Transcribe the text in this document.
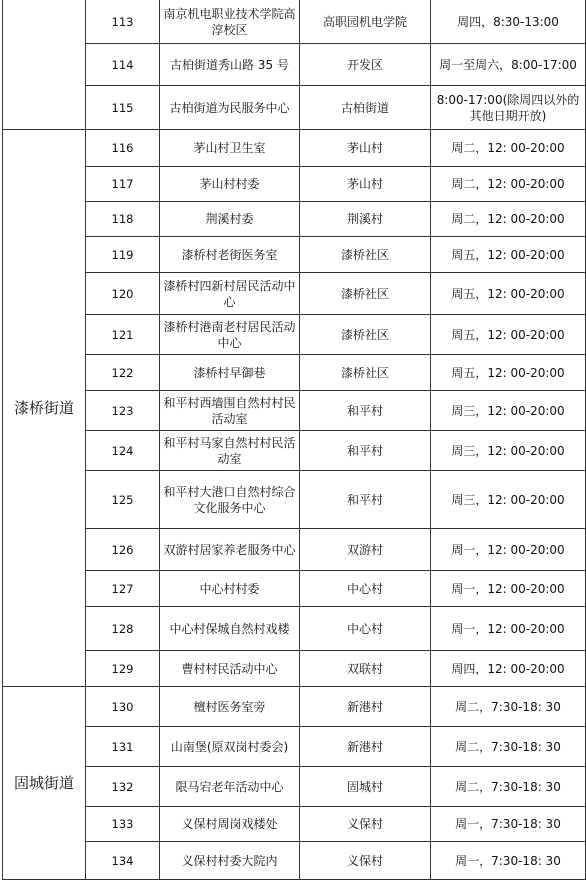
	113	南京机电职业技术学院高淳校区	高职园机电学院	周四，8:30-13:00
	114	古柏街道秀山路 35 号	开发区	周一至周六，8:00-17:00
	115	古柏街道为民服务中心	古柏街道	8:00-17:00(除周四以外的其他日期开放)
漆桥街道	116	茅山村卫生室	茅山村	周二，12: 00-20:00
	117	茅山村村委	茅山村	周二，12: 00-20:00
	118	荆溪村委	荆溪村	周二，12: 00-20:00
	119	漆桥村老街医务室	漆桥社区	周五，12: 00-20:00
	120	漆桥村四新村居民活动中心	漆桥社区	周五，12: 00-20:00
	121	漆桥村港南老村居民活动中心	漆桥社区	周五，12: 00-20:00
	122	漆桥村早御巷	漆桥社区	周五，12: 00-20:00
	123	和平村西墙围自然村村民活动室	和平村	周三，12: 00-20:00
	124	和平村马家自然村村民活动室	和平村	周三，12: 00-20:00
	125	和平村大港口自然村综合文化服务中心	和平村	周三，12: 00-20:00
	126	双游村居家养老服务中心	双游村	周一，12: 00-20:00
	127	中心村村委	中心村	周一，12: 00-20:00
	128	中心村保城自然村戏楼	中心村	周一，12: 00-20:00
	129	曹村村民活动中心	双联村	周四，12: 00-20:00
固城街道	130	檀村医务室旁	新港村	周二，7:30-18: 30
	131	山南堡(原双岗村委会)	新港村	周二，7:30-18: 30
	132	限马宕老年活动中心	固城村	周二，7:30-18: 30
	133	义保村周岗戏楼处	义保村	周一，7:30-18: 30
	134	义保村村委大院内	义保村	周一，7:30-18: 30
